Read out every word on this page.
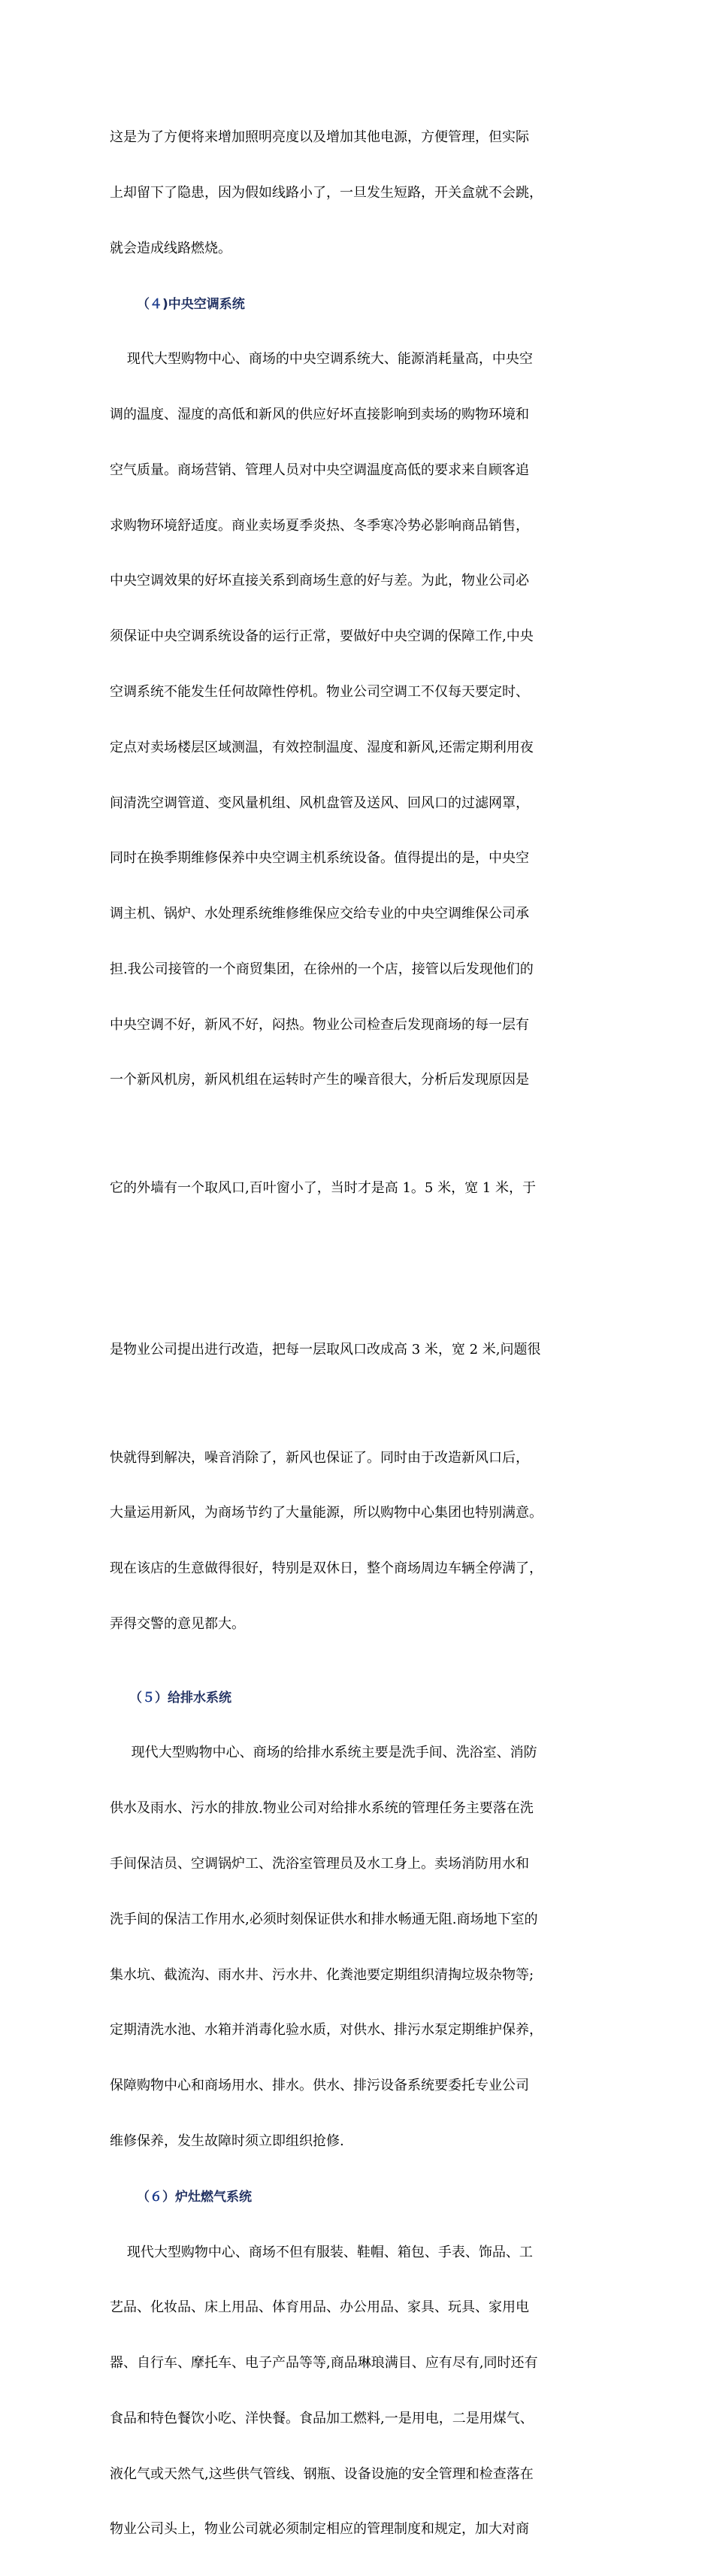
这是为了方便将来增加照明亮度以及增加其他电源，方便管理，但实际

上却留下了隐患，因为假如线路小了，一旦发生短路，开关盒就不会跳，

就会造成线路燃烧。

（４)中央空调系统

现代大型购物中心、商场的中央空调系统大、能源消耗量高，中央空

调的温度、湿度的高低和新风的供应好坏直接影响到卖场的购物环境和

空气质量。商场营销、管理人员对中央空调温度高低的要求来自顾客追

求购物环境舒适度。商业卖场夏季炎热、冬季寒冷势必影响商品销售，

中央空调效果的好坏直接关系到商场生意的好与差。为此，物业公司必

须保证中央空调系统设备的运行正常，要做好中央空调的保障工作,中央

空调系统不能发生任何故障性停机。物业公司空调工不仅每天要定时、

定点对卖场楼层区域测温，有效控制温度、湿度和新风,还需定期利用夜

间清洗空调管道、变风量机组、风机盘管及送风、回风口的过滤网罩，

同时在换季期维修保养中央空调主机系统设备。值得提出的是，中央空

调主机、锅炉、水处理系统维修维保应交给专业的中央空调维保公司承

担.我公司接管的一个商贸集团，在徐州的一个店，接管以后发现他们的

中央空调不好，新风不好，闷热。物业公司检查后发现商场的每一层有

一个新风机房，新风机组在运转时产生的噪音很大，分析后发现原因是

它的外墙有一个取风口,百叶窗小了，当时才是高 1。5 米，宽 1 米，于

是物业公司提出进行改造，把每一层取风口改成高 3 米，宽 2 米,问题很

快就得到解决，噪音消除了，新风也保证了。同时由于改造新风口后，

大量运用新风，为商场节约了大量能源，所以购物中心集团也特别满意。

现在该店的生意做得很好，特别是双休日，整个商场周边车辆全停满了，

弄得交警的意见都大。

（５）给排水系统

现代大型购物中心、商场的给排水系统主要是洗手间、洗浴室、消防

供水及雨水、污水的排放.物业公司对给排水系统的管理任务主要落在洗

手间保洁员、空调锅炉工、洗浴室管理员及水工身上。卖场消防用水和

洗手间的保洁工作用水,必须时刻保证供水和排水畅通无阻.商场地下室的

集水坑、截流沟、雨水井、污水井、化粪池要定期组织清掏垃圾杂物等;

定期清洗水池、水箱并消毒化验水质，对供水、排污水泵定期维护保养，

保障购物中心和商场用水、排水。供水、排污设备系统要委托专业公司

维修保养，发生故障时须立即组织抢修.

（６）炉灶燃气系统

现代大型购物中心、商场不但有服装、鞋帽、箱包、手表、饰品、工

艺品、化妆品、床上用品、体育用品、办公用品、家具、玩具、家用电

器、自行车、摩托车、电子产品等等,商品琳琅满目、应有尽有,同时还有

食品和特色餐饮小吃、洋快餐。食品加工燃料,一是用电，二是用煤气、

液化气或天然气,这些供气管线、钢瓶、设备设施的安全管理和检查落在

物业公司头上，物业公司就必须制定相应的管理制度和规定，加大对商
